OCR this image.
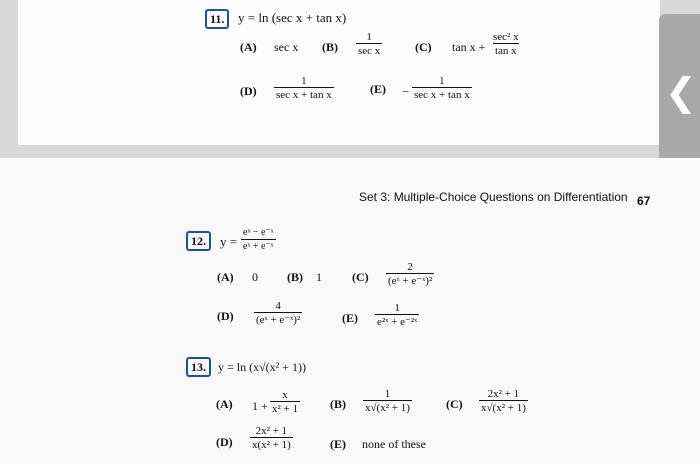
11.	y = ln (sec x + tan x)
(A) sec x (B)
1
sec x	(C) tan x +
sec² x
tan x
(D)
1
sec x + tan x	(E) −
1
sec x + tan x	❮
Set 3: Multiple-Choice Questions on Differentiation 67
12.	$y = \frac{\text{eˣ − e⁻ˣ}}{\text{eˣ + e⁻ˣ}}$
(A) 0 (B) 1	$(C) \frac{2}{\text{(eˣ + e⁻ˣ)²}}$
$(D) \frac{4}{\text{(eˣ + e⁻ˣ)²}}$	$(E) \frac{1}{\text{e²ˣ + e⁻²ˣ}}$
13.	y = ln (x√(x² + 1))
(A) $1 + \frac{x}{\text{x² + 1}} (B) \frac{1}{\text{x√(x² + 1)}}$	$(C) \frac{\text{2x² + 1}}{\text{x√(x² + 1)}}$
$(D) \frac{\text{2x² + 1}}{\text{x(x² + 1)}}$	(E) none of these
